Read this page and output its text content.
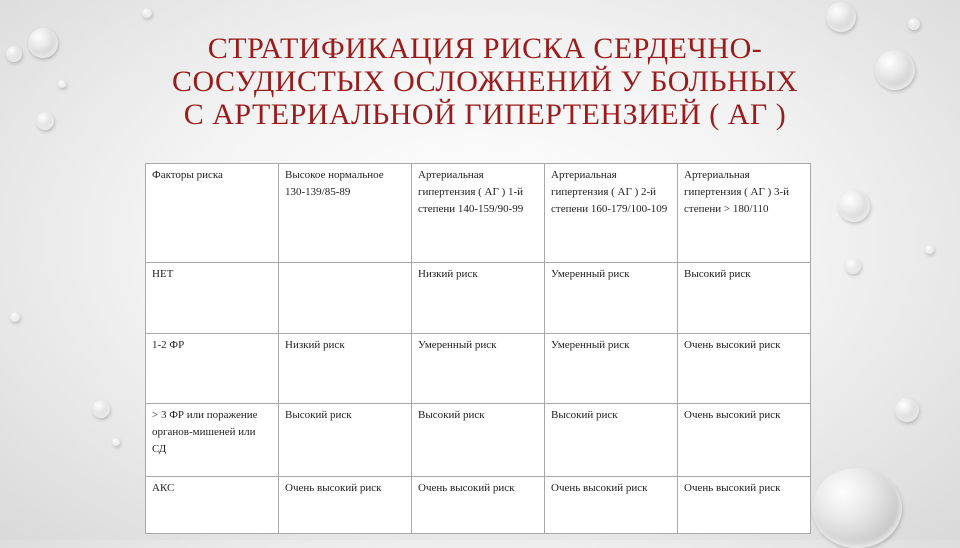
СТРАТИФИКАЦИЯ РИСКА СЕРДЕЧНО-СОСУДИСТЫХ ОСЛОЖНЕНИЙ У БОЛЬНЫХ С АРТЕРИАЛЬНОЙ ГИПЕРТЕНЗИЕЙ ( АГ )
Факторы риска	Высокое нормальное 130-139/85-89	Артериальная гипертензия ( АГ ) 1-й степени 140-159/90-99	Артериальная гипертензия ( АГ ) 2-й степени 160-179/100-109	Артериальная гипертензия ( АГ ) 3-й степени > 180/110
НЕТ		Низкий риск	Умеренный риск	Высокий риск
1-2 ФР	Низкий риск	Умеренный риск	Умеренный риск	Очень высокий риск
> 3 ФР или поражение органов-мишеней или СД	Высокий риск	Высокий риск	Высокий риск	Очень высокий риск
АКС	Очень высокий риск	Очень высокий риск	Очень высокий риск	Очень высокий риск
